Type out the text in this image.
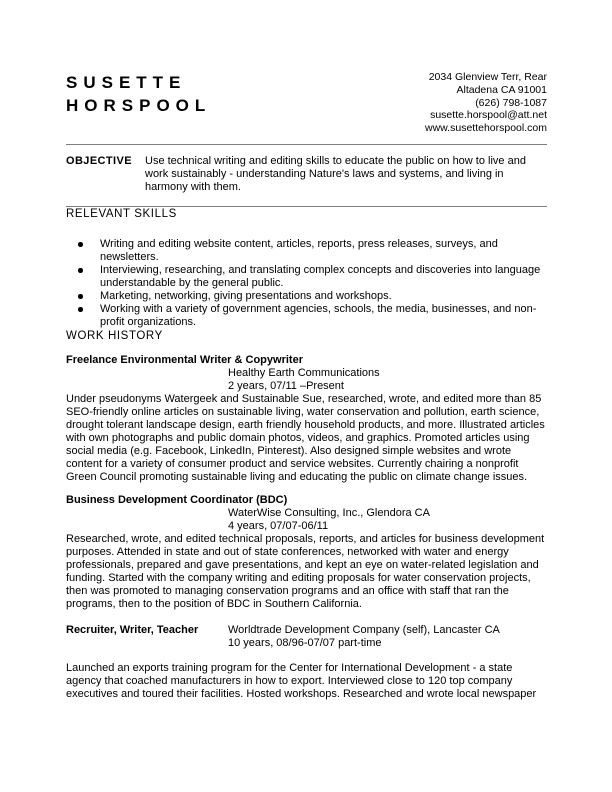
SUSETTE
HORSPOOL
2034 Glenview Terr, Rear
Altadena CA 91001
(626) 798-1087
susette.horspool@att.net
www.susettehorspool.com
OBJECTIVE	Use technical writing and editing skills to educate the public on how to live and work sustainably - understanding Nature's laws and systems, and living in harmony with them.
RELEVANT SKILLS
Writing and editing website content, articles, reports, press releases, surveys, and newsletters.
Interviewing, researching, and translating complex concepts and discoveries into language understandable by the general public.
Marketing, networking, giving presentations and workshops.
Working with a variety of government agencies, schools, the media, businesses, and non-profit organizations.
WORK HISTORY
Freelance Environmental Writer & Copywriter
Healthy Earth Communications
2 years, 07/11 –Present

Under pseudonyms Watergeek and Sustainable Sue, researched, wrote, and edited more than 85 SEO-friendly online articles on sustainable living, water conservation and pollution, earth science, drought tolerant landscape design, earth friendly household products, and more. Illustrated articles with own photographs and public domain photos, videos, and graphics. Promoted articles using social media (e.g. Facebook, LinkedIn, Pinterest). Also designed simple websites and wrote content for a variety of consumer product and service websites. Currently chairing a nonprofit Green Council promoting sustainable living and educating the public on climate change issues.

Business Development Coordinator (BDC)
WaterWise Consulting, Inc., Glendora CA
4 years, 07/07-06/11

Researched, wrote, and edited technical proposals, reports, and articles for business development purposes. Attended in state and out of state conferences, networked with water and energy professionals, prepared and gave presentations, and kept an eye on water-related legislation and funding. Started with the company writing and editing proposals for water conservation projects, then was promoted to managing conservation programs and an office with staff that ran the programs, then to the position of BDC in Southern California.

Recruiter, Writer, Teacher	Worldtrade Development Company (self), Lancaster CA
10 years, 08/96-07/07 part-time

Launched an exports training program for the Center for International Development - a state agency that coached manufacturers in how to export. Interviewed close to 120 top company executives and toured their facilities. Hosted workshops. Researched and wrote local newspaper
